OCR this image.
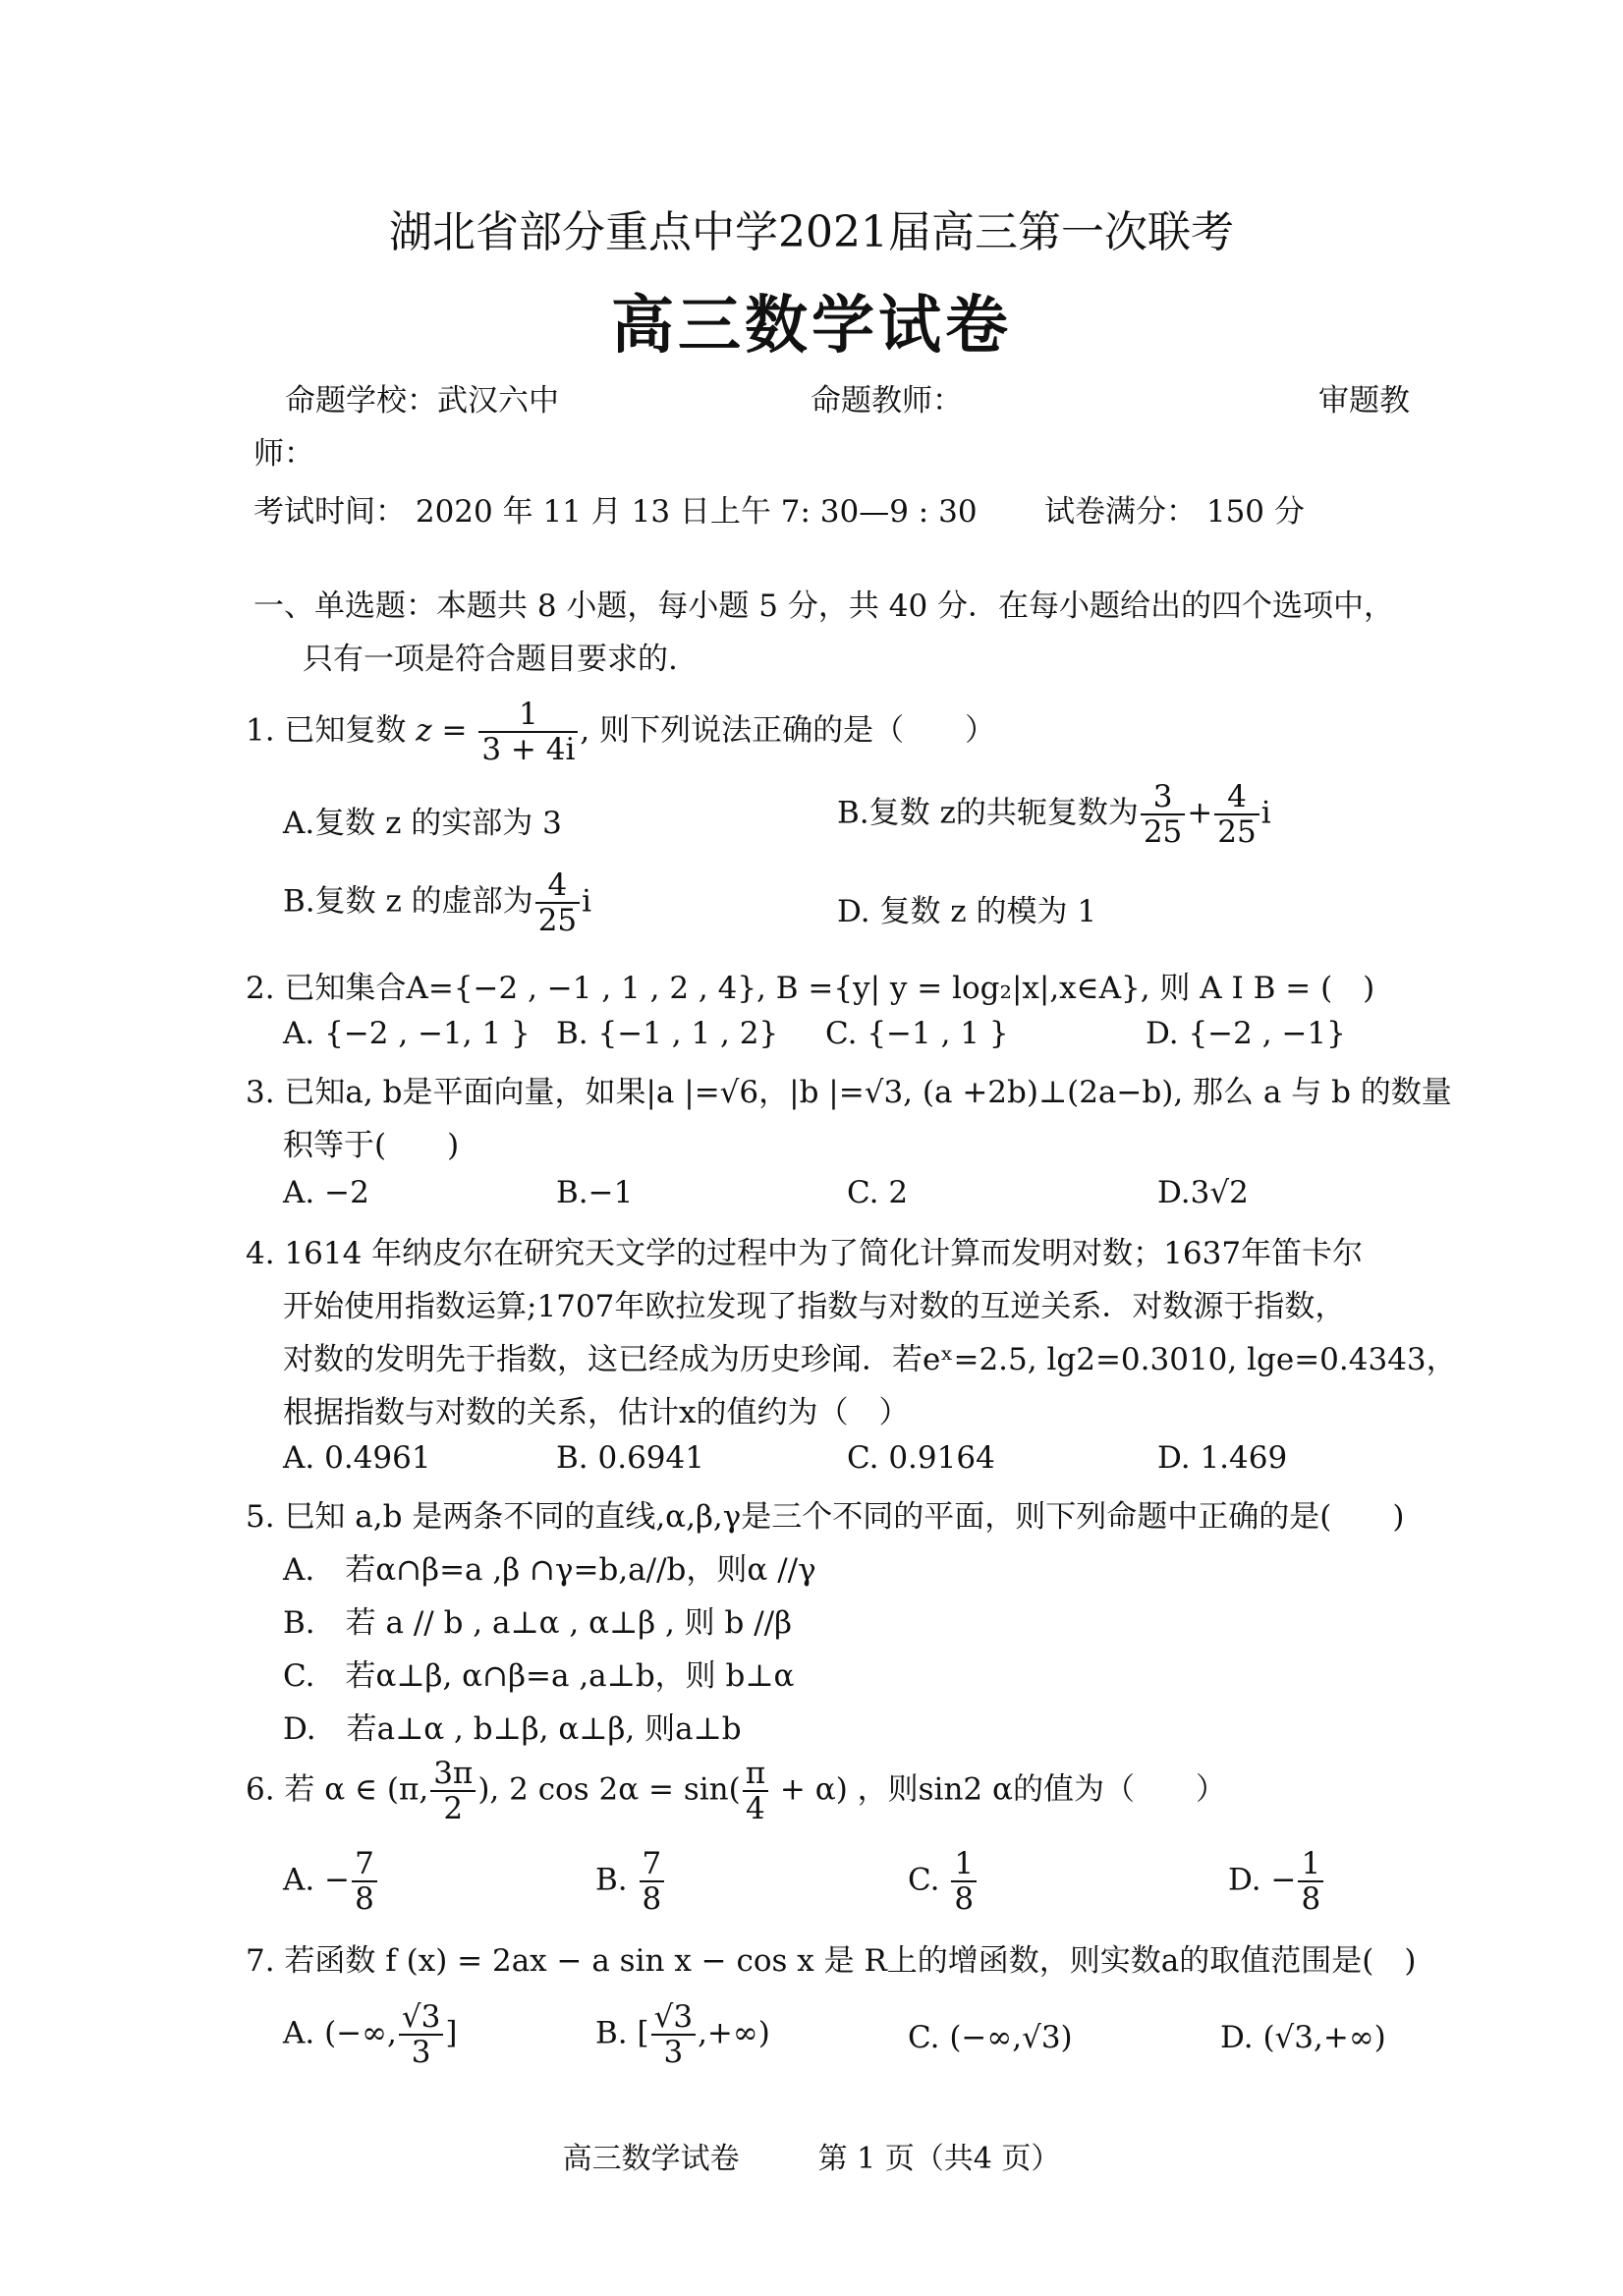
湖北省部分重点中学2021届高三第一次联考
高三数学试卷
命题学校：武汉六中	命题教师：	审题教
师：
考试时间： 2020 年 11 月 13 日上午 7: 30—9 : 30 试卷满分： 150 分
一、单选题：本题共 8 小题，每小题 5 分，共 40 分．在每小题给出的四个选项中，
只有一项是符合题目要求的.
1. 已知复数 $z = \frac{1}{3 + 4i}$ , 则下列说法正确的是（　　）
A.复数 z 的实部为 3	B.复数 z的共轭复数为 $\frac{3}{25} + \frac{4}{25}$ i
B.复数 z 的虚部为 $\frac{4}{25}$ i	D. 复数 z 的模为 1
2. 已知集合A={−2 , −1 , 1 , 2 , 4}, B ={y| y = log₂|x|,x∈A}, 则 A I B = (　)
A. {−2 , −1, 1 } B. {−1 , 1 , 2} C. {−1 , 1 }	D. {−2 , −1}
3. 已知a, b是平面向量，如果|a |=√6，|b |=√3, (a +2b)⊥(2a−b), 那么 a 与 b 的数量
积等于(　　)
A. −2	B.−1	C. 2	D.3√2
4. 1614 年纳皮尔在研究天文学的过程中为了简化计算而发明对数；1637年笛卡尔
开始使用指数运算;1707年欧拉发现了指数与对数的互逆关系．对数源于指数，
对数的发明先于指数，这已经成为历史珍闻．若eˣ=2.5, lg2=0.3010, lge=0.4343，
根据指数与对数的关系，估计x的值约为（　）
A. 0.4961	B. 0.6941	C. 0.9164	D. 1.469
5. 巳知 a,b 是两条不同的直线,α,β,γ是三个不同的平面，则下列命题中正确的是(　　)
A.　若α∩β=a ,β ∩γ=b,a//b，则α //γ
B.　若 a // b , a⊥α , α⊥β , 则 b //β
C.　若α⊥β, α∩β=a ,a⊥b，则 b⊥α
D.　若a⊥α , b⊥β, α⊥β, 则a⊥b
6. 若 α ∈ (π, $\frac{3\pi}{2}$ ), 2 $\cos 2\alpha = \sin( \frac{\pi}{4} + \alpha)$ ，则sin2 α的值为（　　）
A. − $\frac{7}{8}$	B. $\frac{7}{8}$	C. $\frac{1}{8}$	D. − $\frac{1}{8}$
7. 若函数 f (x) = 2ax − a sin x − cos x 是 R上的增函数，则实数a的取值范围是(　)
A. (−∞, $\frac{√3}{3}$ ]	B. [ $\frac{√3}{3}$ ,+∞)	C. (−∞,√3)	D. (√3,+∞)
高三数学试卷	第 1 页（共4 页）
